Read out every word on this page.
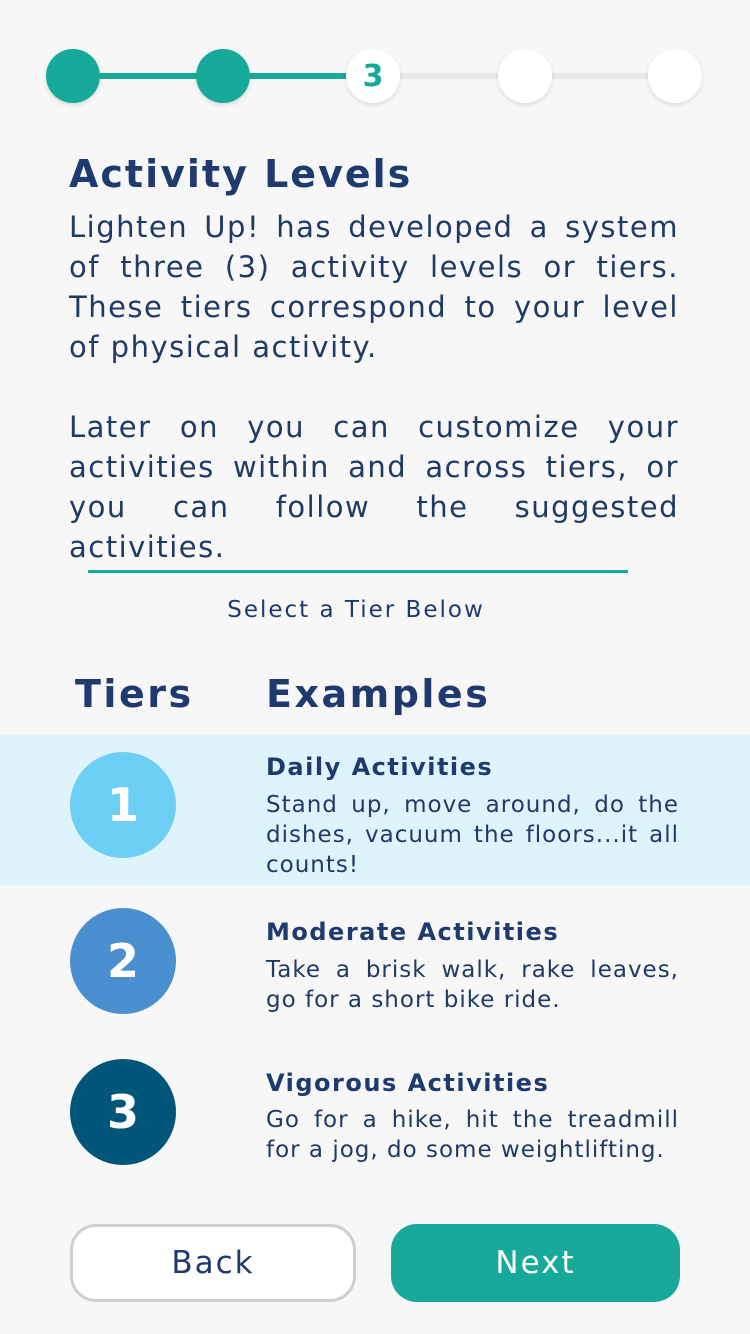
3
Activity Levels
Lighten Up! has developed a system of three (3) activity levels or tiers. These tiers correspond to your level of physical activity.
Later on you can customize your activities within and across tiers, or you can follow the suggested activities.
Select a Tier Below
Tiers Examples
1
Daily Activities
Stand up, move around, do the dishes, vacuum the floors...it all counts!
2
Moderate Activities
Take a brisk walk, rake leaves, go for a short bike ride.
3
Vigorous Activities
Go for a hike, hit the treadmill for a jog, do some weightlifting.
Back	Next
